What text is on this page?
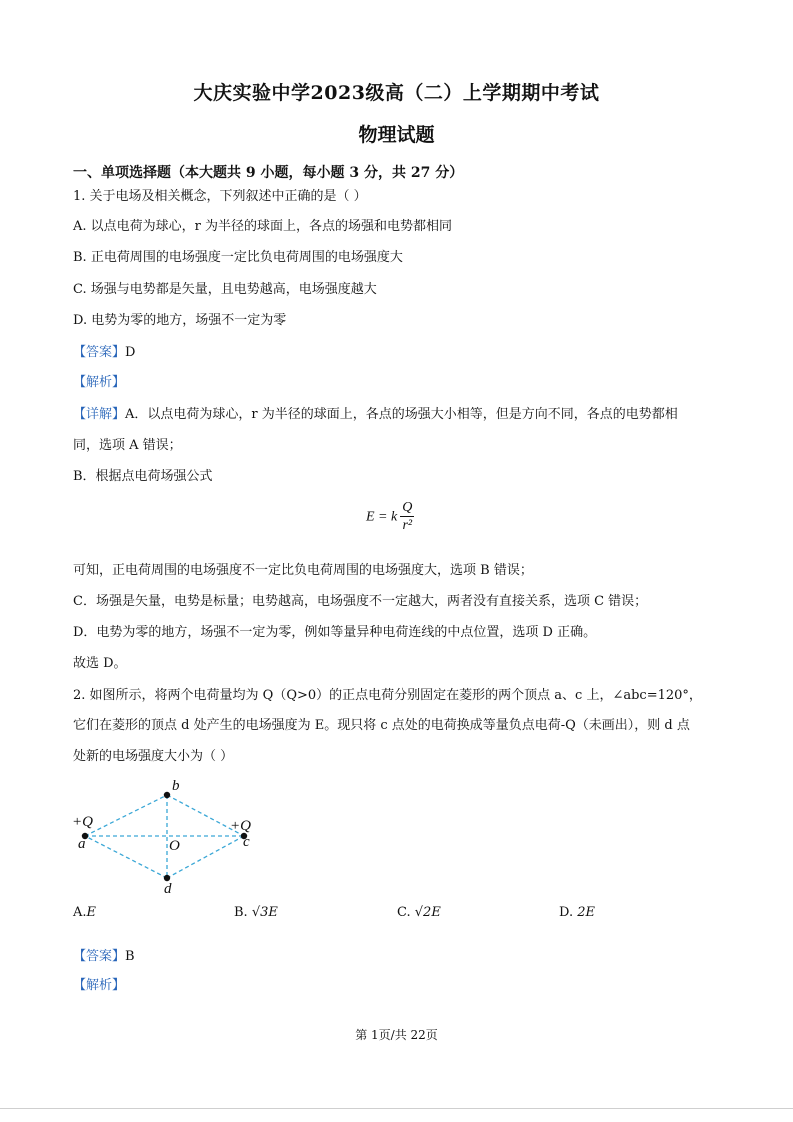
大庆实验中学2023级高（二）上学期期中考试
物理试题
一、单项选择题（本大题共 9 小题，每小题 3 分，共 27 分）
1. 关于电场及相关概念，下列叙述中正确的是（ ）
A. 以点电荷为球心，r 为半径的球面上，各点的场强和电势都相同
B. 正电荷周围的电场强度一定比负电荷周围的电场强度大
C. 场强与电势都是矢量，且电势越高，电场强度越大
D. 电势为零的地方，场强不一定为零
【答案】D
【解析】
【详解】A．以点电荷为球心，r 为半径的球面上，各点的场强大小相等，但是方向不同，各点的电势都相
同，选项 A 错误；
B．根据点电荷场强公式
E = k $\frac{Q}{\text{r²}}$
可知，正电荷周围的电场强度不一定比负电荷周围的电场强度大，选项 B 错误；
C．场强是矢量，电势是标量；电势越高，电场强度不一定越大，两者没有直接关系，选项 C 错误；
D．电势为零的地方，场强不一定为零，例如等量异种电荷连线的中点位置，选项 D 正确。
故选 D。
2. 如图所示，将两个电荷量均为 Q（Q>0）的正点电荷分别固定在菱形的两个顶点 a、c 上，∠abc=120°，
它们在菱形的顶点 d 处产生的电场强度为 E。现只将 c 点处的电荷换成等量负点电荷-Q（未画出），则 d 点
处新的电场强度大小为（ ）
b
a	c
d
O
+Q	+Q
A.E	B. √3E	C. √2E	D. 2E
【答案】B
【解析】
第 1页/共 22页
